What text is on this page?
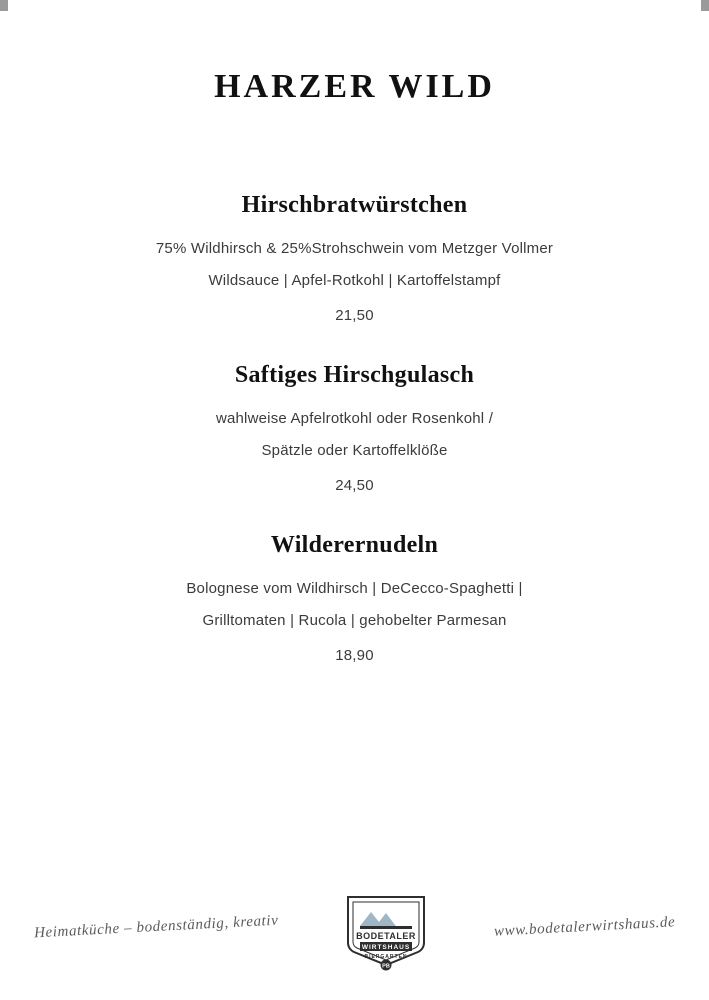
HARZER WILD
Hirschbratwürstchen
75% Wildhirsch & 25%Strohschwein vom Metzger Vollmer
Wildsauce | Apfel-Rotkohl | Kartoffelstampf
21,50
Saftiges Hirschgulasch
wahlweise Apfelrotkohl oder Rosenkohl /
Spätzle oder Kartoffelklöße
24,50
Wilderernudeln
Bolognese vom Wildhirsch | DeCecco-Spaghetti |
Grilltomaten | Rucola | gehobelter Parmesan
18,90
Heimatküche – bodenständig, kreativ	BODETALER
WIRTSHAUS
BIERGARTEN
PB
www.bodetalerwirtshaus.de
